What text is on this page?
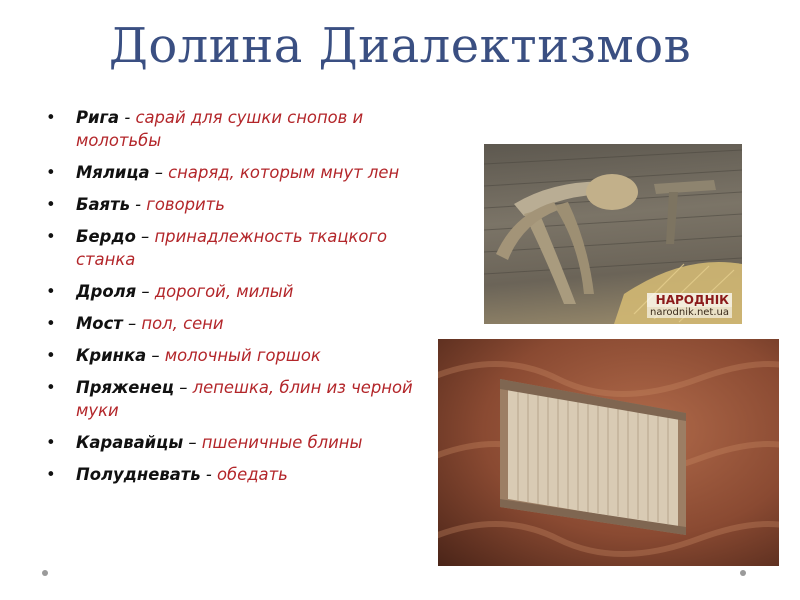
Долина Диалектизмов
• Рига - сарай для сушки снопов и молотьбы
• Мялица – снаряд, которым мнут лен
• Баять - говорить
• Бердо – принадлежность ткацкого станка
• Дроля – дорогой, милый
• Мост – пол, сени
• Кринка – молочный горшок
• Пряженец – лепешка, блин из черной муки
• Каравайцы – пшеничные блины
• Полудневать - обедать
НАРОДНІК
narodnik.net.ua
